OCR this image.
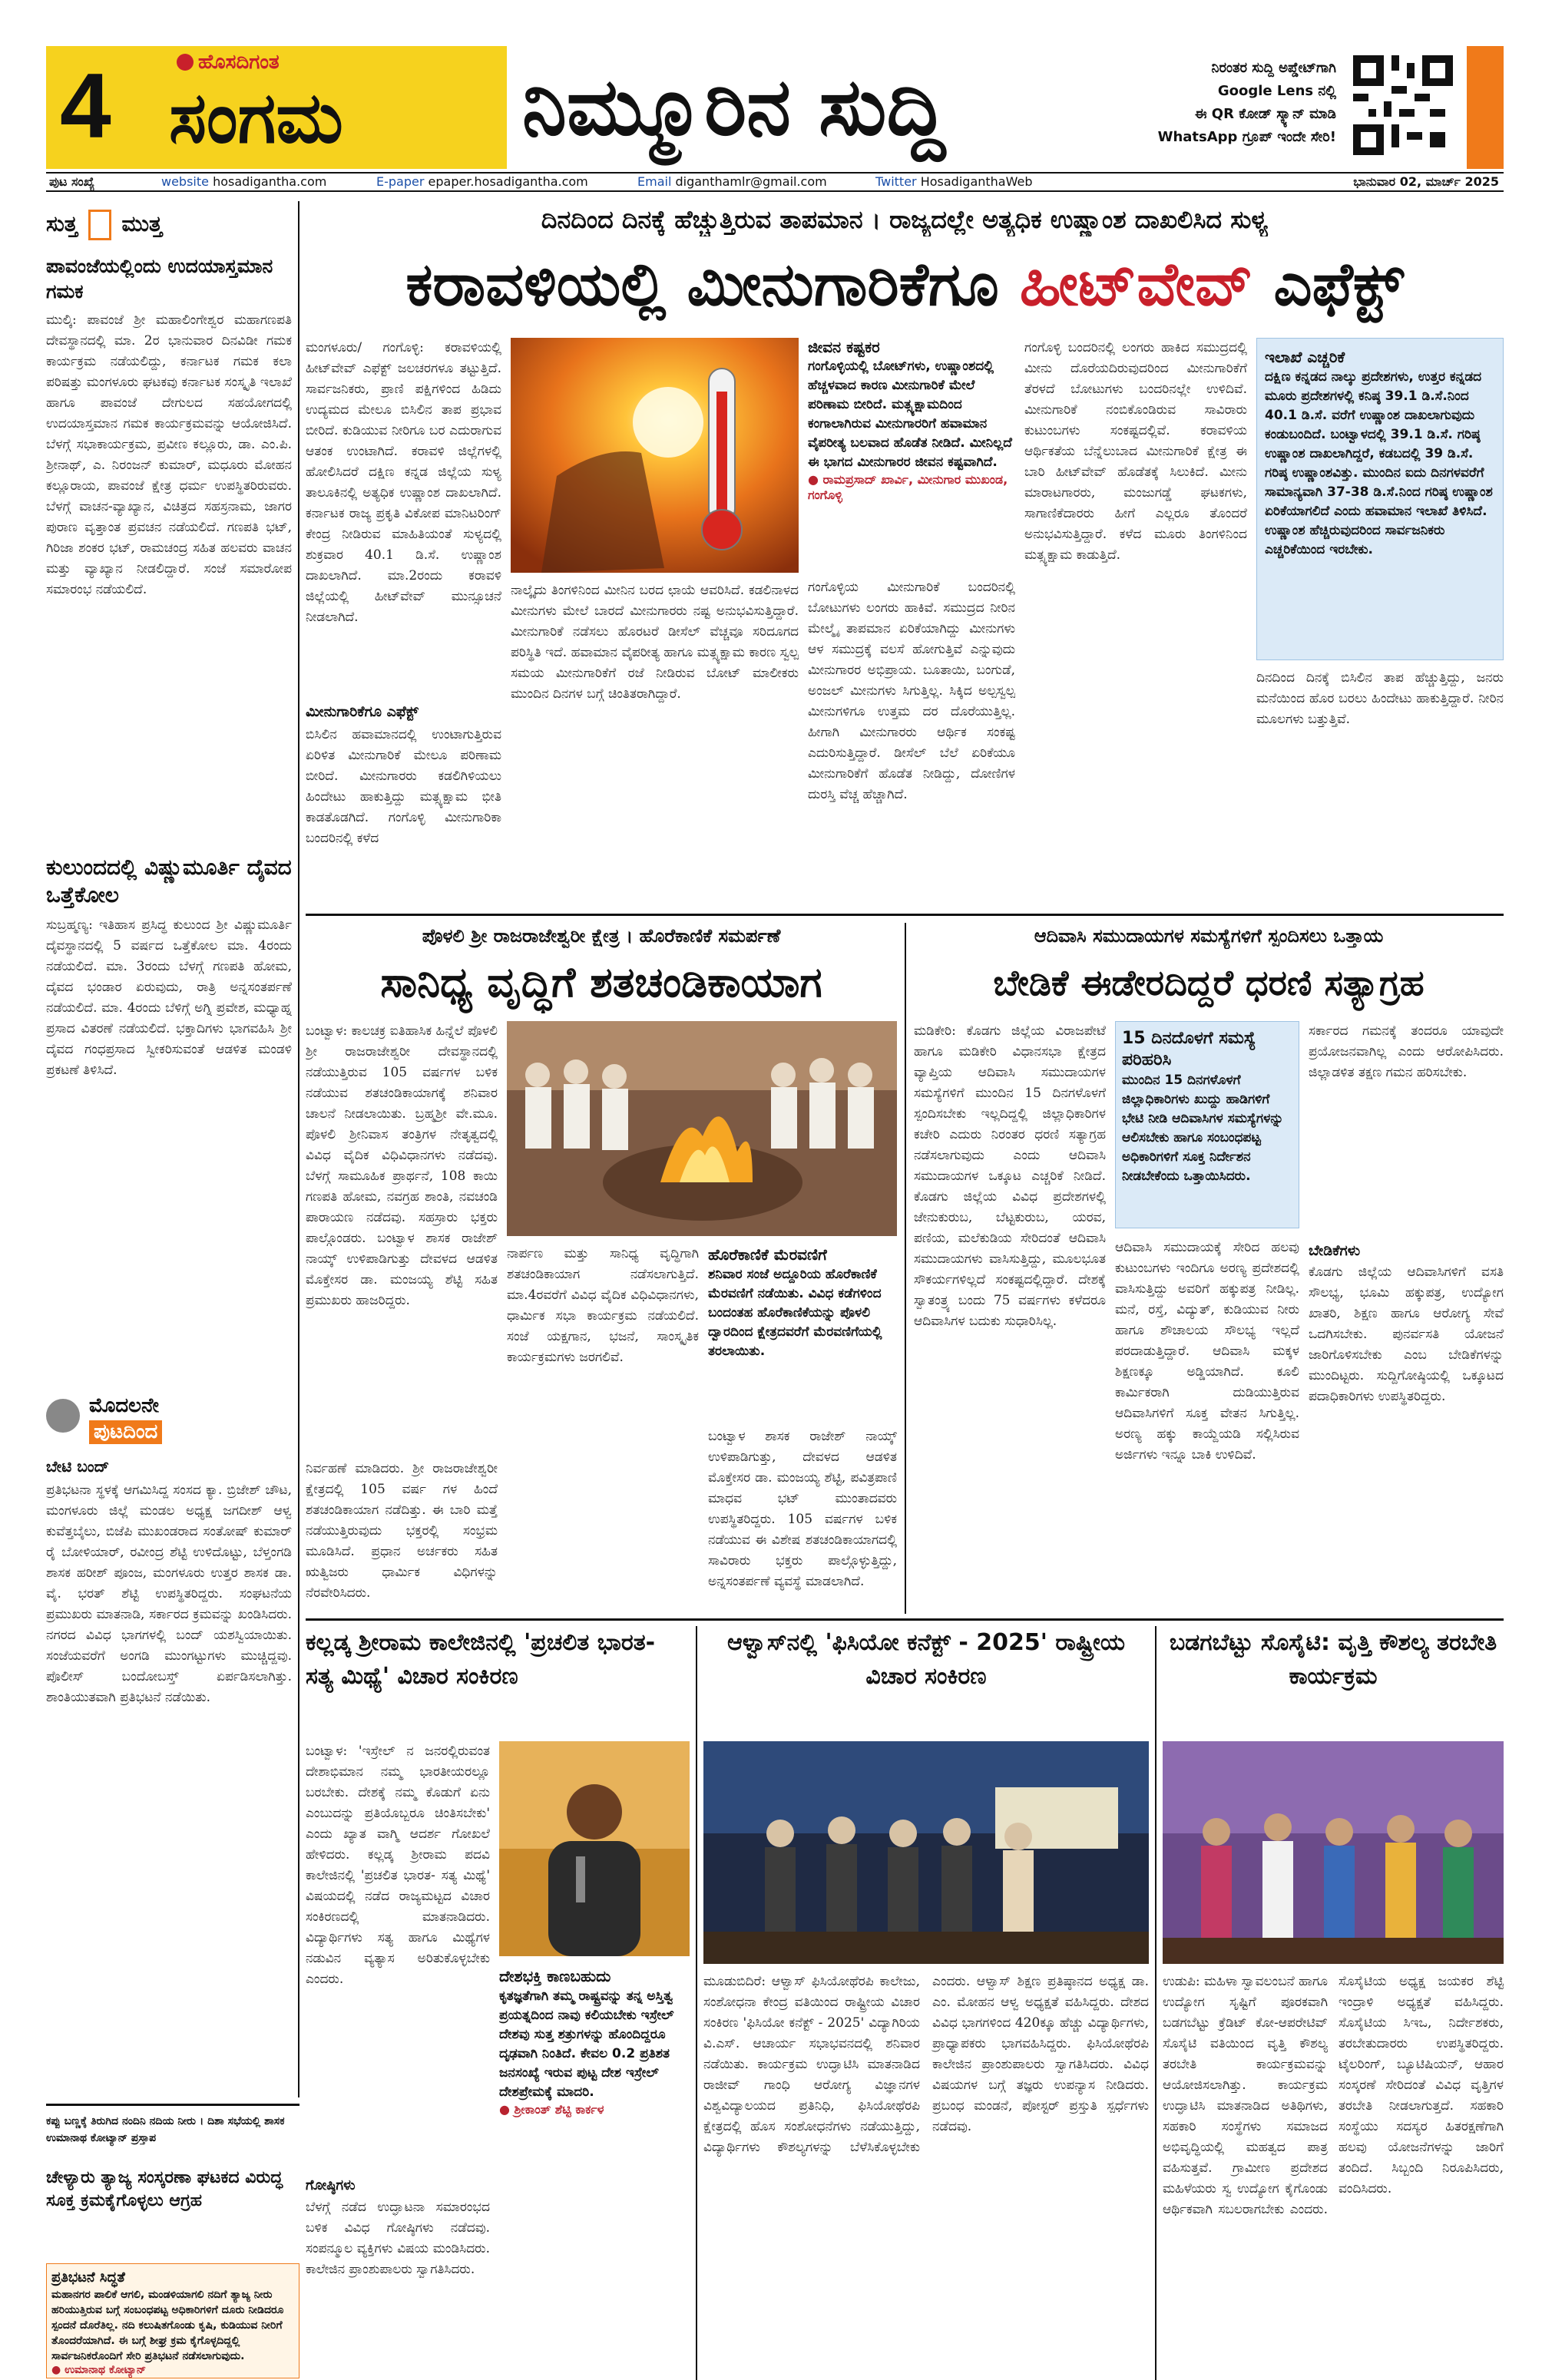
4	ಹೊಸದಿಗಂತ
ಸಂಗಮ ನಿಮ್ಮೂರಿನ ಸುದ್ದಿ	ನಿರಂತರ ಸುದ್ದಿ ಅಪ್ಡೇಟ್‌ಗಾಗಿ
Google Lens ನಲ್ಲಿ
ಈ QR ಕೋಡ್ ಸ್ಕ್ಯಾನ್ ಮಾಡಿ
WhatsApp ಗ್ರೂಪ್ ಇಂದೇ ಸೇರಿ!
ಪುಟ ಸಂಖ್ಯೆ	website hosadigantha.com	E-paper epaper.hosadigantha.com	Email diganthamlr@gmail.com	Twitter HosadiganthaWeb	ಭಾನುವಾರ 02, ಮಾರ್ಚ್ 2025
ಸುತ್ತ ಮುತ್ತ
ಪಾವಂಜೆಯಲ್ಲಿಂದು ಉದಯಾಸ್ತಮಾನ ಗಮಕ
ಮುಲ್ಕಿ: ಪಾವಂಜೆ ಶ್ರೀ ಮಹಾಲಿಂಗೇಶ್ವರ ಮಹಾಗಣಪತಿ ದೇವಸ್ಥಾನದಲ್ಲಿ ಮಾ. 2ರ ಭಾನುವಾರ ದಿನವಿಡೀ ಗಮಕ ಕಾರ್ಯಕ್ರಮ ನಡೆಯಲಿದ್ದು, ಕರ್ನಾಟಕ ಗಮಕ ಕಲಾ ಪರಿಷತ್ತು ಮಂಗಳೂರು ಘಟಕವು ಕರ್ನಾಟಕ ಸಂಸ್ಕೃತಿ ಇಲಾಖೆ ಹಾಗೂ ಪಾವಂಜೆ ದೇಗುಲದ ಸಹಯೋಗದಲ್ಲಿ ಉದಯಾಸ್ತಮಾನ ಗಮಕ ಕಾರ್ಯಕ್ರಮವನ್ನು ಆಯೋಜಿಸಿದೆ. ಬೆಳಗ್ಗೆ ಸಭಾಕಾರ್ಯಕ್ರಮ, ಪ್ರವೀಣ ಕಲ್ಲೂರು, ಡಾ. ಎಂ.ಪಿ. ಶ್ರೀನಾಥ್, ಎ. ನಿರಂಜನ್ ಕುಮಾರ್, ಮಧೂರು ಮೋಹನ ಕಲ್ಲೂರಾಯ, ಪಾವಂಜೆ ಕ್ಷೇತ್ರ ಧರ್ಮ ಉಪಸ್ಥಿತರಿರುವರು. ಬೆಳಗ್ಗೆ ವಾಚನ-ವ್ಯಾಖ್ಯಾನ, ವಿಚಿತ್ರದ ಸಹಸ್ರನಾಮ, ಜಾಗರ ಪುರಾಣ ವೃತ್ತಾಂತ ಪ್ರವಚನ ನಡೆಯಲಿದೆ. ಗಣಪತಿ ಭಟ್, ಗಿರಿಜಾ ಶಂಕರ ಭಟ್, ರಾಮಚಂದ್ರ ಸಹಿತ ಹಲವರು ವಾಚನ ಮತ್ತು ವ್ಯಾಖ್ಯಾನ ನೀಡಲಿದ್ದಾರೆ. ಸಂಜೆ ಸಮಾರೋಪ ಸಮಾರಂಭ ನಡೆಯಲಿದೆ.
ಕುಲುಂದದಲ್ಲಿ ವಿಷ್ಣುಮೂರ್ತಿ ದೈವದ ಒತ್ತೆಕೋಲ
ಸುಬ್ರಹ್ಮಣ್ಯ: ಇತಿಹಾಸ ಪ್ರಸಿದ್ಧ ಕುಲುಂದ ಶ್ರೀ ವಿಷ್ಣುಮೂರ್ತಿ ದೈವಸ್ಥಾನದಲ್ಲಿ 5 ವರ್ಷದ ಒತ್ತೆಕೋಲ ಮಾ. 4ರಂದು ನಡೆಯಲಿದೆ. ಮಾ. 3ರಂದು ಬೆಳಗ್ಗೆ ಗಣಪತಿ ಹೋಮ, ದೈವದ ಭಂಡಾರ ಏರುವುದು, ರಾತ್ರಿ ಅನ್ನಸಂತರ್ಪಣೆ ನಡೆಯಲಿದೆ. ಮಾ. 4ರಂದು ಬೆಳಿಗ್ಗೆ ಅಗ್ನಿ ಪ್ರವೇಶ, ಮಧ್ಯಾಹ್ನ ಪ್ರಸಾದ ವಿತರಣೆ ನಡೆಯಲಿದೆ. ಭಕ್ತಾದಿಗಳು ಭಾಗವಹಿಸಿ ಶ್ರೀ ದೈವದ ಗಂಧಪ್ರಸಾದ ಸ್ವೀಕರಿಸುವಂತೆ ಆಡಳಿತ ಮಂಡಳಿ ಪ್ರಕಟಣೆ ತಿಳಿಸಿದೆ.
ಮೊದಲನೇ
ಪುಟದಿಂದ
ಬೇಟಿ ಬಂದ್
ಪ್ರತಿಭಟನಾ ಸ್ಥಳಕ್ಕೆ ಆಗಮಿಸಿದ್ದ ಸಂಸದ ಕ್ಯಾ. ಬ್ರಿಜೇಶ್ ಚೌಟ, ಮಂಗಳೂರು ಜಿಲ್ಲೆ ಮಂಡಲ ಅಧ್ಯಕ್ಷ ಜಗದೀಶ್ ಆಳ್ವ ಕುವೆತ್ತಬೈಲು, ಬಿಜೆಪಿ ಮುಖಂಡರಾದ ಸಂತೋಷ್ ಕುಮಾರ್ ರೈ ಬೋಳಿಯಾರ್, ರವೀಂದ್ರ ಶೆಟ್ಟಿ ಉಳಿದೊಟ್ಟು, ಬೆಳ್ತಂಗಡಿ ಶಾಸಕ ಹರೀಶ್ ಪೂಂಜ, ಮಂಗಳೂರು ಉತ್ತರ ಶಾಸಕ ಡಾ. ವೈ. ಭರತ್ ಶೆಟ್ಟಿ ಉಪಸ್ಥಿತರಿದ್ದರು. ಸಂಘಟನೆಯ ಪ್ರಮುಖರು ಮಾತನಾಡಿ, ಸರ್ಕಾರದ ಕ್ರಮವನ್ನು ಖಂಡಿಸಿದರು. ನಗರದ ವಿವಿಧ ಭಾಗಗಳಲ್ಲಿ ಬಂದ್ ಯಶಸ್ವಿಯಾಯಿತು. ಸಂಜೆಯವರೆಗೆ ಅಂಗಡಿ ಮುಂಗಟ್ಟುಗಳು ಮುಚ್ಚಿದ್ದವು. ಪೊಲೀಸ್ ಬಂದೋಬಸ್ತ್ ಏರ್ಪಡಿಸಲಾಗಿತ್ತು. ಶಾಂತಿಯುತವಾಗಿ ಪ್ರತಿಭಟನೆ ನಡೆಯಿತು.
ದಿನದಿಂದ ದಿನಕ್ಕೆ ಹೆಚ್ಚುತ್ತಿರುವ ತಾಪಮಾನ । ರಾಜ್ಯದಲ್ಲೇ ಅತ್ಯಧಿಕ ಉಷ್ಣಾಂಶ ದಾಖಲಿಸಿದ ಸುಳ್ಯ
ಕರಾವಳಿಯಲ್ಲಿ ಮೀನುಗಾರಿಕೆಗೂ ಹೀಟ್‌ವೇವ್ ಎಫೆಕ್ಟ್
ಮಂಗಳೂರು/ ಗಂಗೊಳ್ಳಿ: ಕರಾವಳಿಯಲ್ಲಿ ಹೀಟ್‌ವೇವ್ ಎಫೆಕ್ಟ್ ಜಲಚರಗಳೂ ತಟ್ಟುತ್ತಿದೆ. ಸಾರ್ವಜನಿಕರು, ಪ್ರಾಣಿ ಪಕ್ಷಿಗಳಿಂದ ಹಿಡಿದು ಉದ್ಯಮದ ಮೇಲೂ ಬಿಸಿಲಿನ ತಾಪ ಪ್ರಭಾವ ಬೀರಿದೆ. ಕುಡಿಯುವ ನೀರಿಗೂ ಬರ ಎದುರಾಗುವ ಆತಂಕ ಉಂಟಾಗಿದೆ. ಕರಾವಳಿ ಜಿಲ್ಲೆಗಳಲ್ಲಿ ಹೋಲಿಸಿದರೆ ದಕ್ಷಿಣ ಕನ್ನಡ ಜಿಲ್ಲೆಯ ಸುಳ್ಯ ತಾಲೂಕಿನಲ್ಲಿ ಅತ್ಯಧಿಕ ಉಷ್ಣಾಂಶ ದಾಖಲಾಗಿದೆ. ಕರ್ನಾಟಕ ರಾಜ್ಯ ಪ್ರಕೃತಿ ವಿಕೋಪ ಮಾನಿಟರಿಂಗ್ ಕೇಂದ್ರ ನೀಡಿರುವ ಮಾಹಿತಿಯಂತೆ ಸುಳ್ಯದಲ್ಲಿ ಶುಕ್ರವಾರ 40.1 ಡಿ.ಸೆ. ಉಷ್ಣಾಂಶ ದಾಖಲಾಗಿದೆ. ಮಾ.2ರಂದು ಕರಾವಳಿ ಜಿಲ್ಲೆಯಲ್ಲಿ ಹೀಟ್‌ವೇವ್ ಮುನ್ಸೂಚನೆ ನೀಡಲಾಗಿದೆ.
ಮೀನುಗಾರಿಕೆಗೂ ಎಫೆಕ್ಟ್
ಬಿಸಿಲಿನ ಹವಾಮಾನದಲ್ಲಿ ಉಂಟಾಗುತ್ತಿರುವ ಏರಿಳಿತ ಮೀನುಗಾರಿಕೆ ಮೇಲೂ ಪರಿಣಾಮ ಬೀರಿದೆ. ಮೀನುಗಾರರು ಕಡಲಿಗಿಳಿಯಲು ಹಿಂದೇಟು ಹಾಕುತ್ತಿದ್ದು ಮತ್ಸ್ಯಕ್ಷಾಮ ಭೀತಿ ಕಾಡತೊಡಗಿದೆ. ಗಂಗೊಳ್ಳಿ ಮೀನುಗಾರಿಕಾ ಬಂದರಿನಲ್ಲಿ ಕಳೆದ
ನಾಲ್ಕೈದು ತಿಂಗಳಿನಿಂದ ಮೀನಿನ ಬರದ ಛಾಯೆ ಆವರಿಸಿದೆ. ಕಡಲಿನಾಳದ ಮೀನುಗಳು ಮೇಲೆ ಬಾರದೆ ಮೀನುಗಾರರು ನಷ್ಟ ಅನುಭವಿಸುತ್ತಿದ್ದಾರೆ. ಮೀನುಗಾರಿಕೆ ನಡೆಸಲು ಹೊರಟರೆ ಡೀಸೆಲ್ ವೆಚ್ಚವೂ ಸರಿದೂಗದ ಪರಿಸ್ಥಿತಿ ಇದೆ. ಹವಾಮಾನ ವೈಪರೀತ್ಯ ಹಾಗೂ ಮತ್ಸ್ಯಕ್ಷಾಮ ಕಾರಣ ಸ್ವಲ್ಪ ಸಮಯ ಮೀನುಗಾರಿಕೆಗೆ ರಜೆ ನೀಡಿರುವ ಬೋಟ್ ಮಾಲೀಕರು ಮುಂದಿನ ದಿನಗಳ ಬಗ್ಗೆ ಚಿಂತಿತರಾಗಿದ್ದಾರೆ.
ಜೀವನ ಕಷ್ಟಕರ
ಗಂಗೊಳ್ಳಿಯಲ್ಲಿ ಬೋಟ್‌ಗಳು, ಉಷ್ಣಾಂಶದಲ್ಲಿ ಹೆಚ್ಚಳವಾದ ಕಾರಣ ಮೀನುಗಾರಿಕೆ ಮೇಲೆ ಪರಿಣಾಮ ಬೀರಿದೆ. ಮತ್ಸ್ಯಕ್ಷಾಮದಿಂದ ಕಂಗಾಲಾಗಿರುವ ಮೀನುಗಾರರಿಗೆ ಹವಾಮಾನ ವೈಪರೀತ್ಯ ಬಲವಾದ ಹೊಡೆತ ನೀಡಿದೆ. ಮೀನಿಲ್ಲದೆ ಈ ಭಾಗದ ಮೀನುಗಾರರ ಜೀವನ ಕಷ್ಟವಾಗಿದೆ.
● ರಾಮಪ್ರಸಾದ್ ಖಾರ್ವಿ, ಮೀನುಗಾರ ಮುಖಂಡ, ಗಂಗೊಳ್ಳಿ
ಗಂಗೊಳ್ಳಿಯ ಮೀನುಗಾರಿಕೆ ಬಂದರಿನಲ್ಲಿ ಬೋಟುಗಳು ಲಂಗರು ಹಾಕಿವೆ. ಸಮುದ್ರದ ನೀರಿನ ಮೇಲ್ಮೈ ತಾಪಮಾನ ಏರಿಕೆಯಾಗಿದ್ದು ಮೀನುಗಳು ಆಳ ಸಮುದ್ರಕ್ಕೆ ವಲಸೆ ಹೋಗುತ್ತಿವೆ ಎನ್ನುವುದು ಮೀನುಗಾರರ ಅಭಿಪ್ರಾಯ. ಬೂತಾಯಿ, ಬಂಗುಡೆ, ಅಂಜಲ್ ಮೀನುಗಳು ಸಿಗುತ್ತಿಲ್ಲ. ಸಿಕ್ಕಿದ ಅಲ್ಪಸ್ವಲ್ಪ ಮೀನುಗಳಿಗೂ ಉತ್ತಮ ದರ ದೊರೆಯುತ್ತಿಲ್ಲ. ಹೀಗಾಗಿ ಮೀನುಗಾರರು ಆರ್ಥಿಕ ಸಂಕಷ್ಟ ಎದುರಿಸುತ್ತಿದ್ದಾರೆ. ಡೀಸೆಲ್ ಬೆಲೆ ಏರಿಕೆಯೂ ಮೀನುಗಾರಿಕೆಗೆ ಹೊಡೆತ ನೀಡಿದ್ದು, ದೋಣಿಗಳ ದುರಸ್ತಿ ವೆಚ್ಚ ಹೆಚ್ಚಾಗಿದೆ.
ಗಂಗೊಳ್ಳಿ ಬಂದರಿನಲ್ಲಿ ಲಂಗರು ಹಾಕಿದ ಸಮುದ್ರದಲ್ಲಿ ಮೀನು ದೊರೆಯದಿರುವುದರಿಂದ ಮೀನುಗಾರಿಕೆಗೆ ತೆರಳದೆ ಬೋಟುಗಳು ಬಂದರಿನಲ್ಲೇ ಉಳಿದಿವೆ. ಮೀನುಗಾರಿಕೆ ನಂಬಿಕೊಂಡಿರುವ ಸಾವಿರಾರು ಕುಟುಂಬಗಳು ಸಂಕಷ್ಟದಲ್ಲಿವೆ. ಕರಾವಳಿಯ ಆರ್ಥಿಕತೆಯ ಬೆನ್ನೆಲುಬಾದ ಮೀನುಗಾರಿಕೆ ಕ್ಷೇತ್ರ ಈ ಬಾರಿ ಹೀಟ್‌ವೇವ್ ಹೊಡೆತಕ್ಕೆ ಸಿಲುಕಿದೆ. ಮೀನು ಮಾರಾಟಗಾರರು, ಮಂಜುಗಡ್ಡೆ ಘಟಕಗಳು, ಸಾಗಾಣಿಕೆದಾರರು ಹೀಗೆ ಎಲ್ಲರೂ ತೊಂದರೆ ಅನುಭವಿಸುತ್ತಿದ್ದಾರೆ. ಕಳೆದ ಮೂರು ತಿಂಗಳಿನಿಂದ ಮತ್ಸ್ಯಕ್ಷಾಮ ಕಾಡುತ್ತಿದೆ.
ಇಲಾಖೆ ಎಚ್ಚರಿಕೆ
ದಕ್ಷಿಣ ಕನ್ನಡದ ನಾಲ್ಕು ಪ್ರದೇಶಗಳು, ಉತ್ತರ ಕನ್ನಡದ ಮೂರು ಪ್ರದೇಶಗಳಲ್ಲಿ ಕನಿಷ್ಠ 39.1 ಡಿ.ಸೆ.ನಿಂದ 40.1 ಡಿ.ಸೆ. ವರೆಗೆ ಉಷ್ಣಾಂಶ ದಾಖಲಾಗುವುದು ಕಂಡುಬಂದಿದೆ. ಬಂಟ್ವಾಳದಲ್ಲಿ 39.1 ಡಿ.ಸೆ. ಗರಿಷ್ಠ ಉಷ್ಣಾಂಶ ದಾಖಲಾಗಿದ್ದರೆ, ಕಡಬದಲ್ಲಿ 39 ಡಿ.ಸೆ. ಗರಿಷ್ಠ ಉಷ್ಣಾಂಶವಿತ್ತು. ಮುಂದಿನ ಐದು ದಿನಗಳವರೆಗೆ ಸಾಮಾನ್ಯವಾಗಿ 37-38 ಡಿ.ಸೆ.ನಿಂದ ಗರಿಷ್ಠ ಉಷ್ಣಾಂಶ ಏರಿಕೆಯಾಗಲಿದೆ ಎಂದು ಹವಾಮಾನ ಇಲಾಖೆ ತಿಳಿಸಿದೆ. ಉಷ್ಣಾಂಶ ಹೆಚ್ಚಿರುವುದರಿಂದ ಸಾರ್ವಜನಿಕರು ಎಚ್ಚರಿಕೆಯಿಂದ ಇರಬೇಕು.
ದಿನದಿಂದ ದಿನಕ್ಕೆ ಬಿಸಿಲಿನ ತಾಪ ಹೆಚ್ಚುತ್ತಿದ್ದು, ಜನರು ಮನೆಯಿಂದ ಹೊರ ಬರಲು ಹಿಂದೇಟು ಹಾಕುತ್ತಿದ್ದಾರೆ. ನೀರಿನ ಮೂಲಗಳು ಬತ್ತುತ್ತಿವೆ.
ಪೊಳಲಿ ಶ್ರೀ ರಾಜರಾಜೇಶ್ವರೀ ಕ್ಷೇತ್ರ । ಹೊರೆಕಾಣಿಕೆ ಸಮರ್ಪಣೆ
ಸಾನಿಧ್ಯ ವೃದ್ಧಿಗೆ ಶತಚಂಡಿಕಾಯಾಗ
ಬಂಟ್ವಾಳ: ಕಾಲಚಕ್ರ ಐತಿಹಾಸಿಕ ಹಿನ್ನೆಲೆ ಪೊಳಲಿ ಶ್ರೀ ರಾಜರಾಜೇಶ್ವರೀ ದೇವಸ್ಥಾನದಲ್ಲಿ ನಡೆಯುತ್ತಿರುವ 105 ವರ್ಷಗಳ ಬಳಿಕ ನಡೆಯುವ ಶತಚಂಡಿಕಾಯಾಗಕ್ಕೆ ಶನಿವಾರ ಚಾಲನೆ ನೀಡಲಾಯಿತು. ಬ್ರಹ್ಮಶ್ರೀ ವೇ.ಮೂ. ಪೊಳಲಿ ಶ್ರೀನಿವಾಸ ತಂತ್ರಿಗಳ ನೇತೃತ್ವದಲ್ಲಿ ವಿವಿಧ ವೈದಿಕ ವಿಧಿವಿಧಾನಗಳು ನಡೆದವು. ಬೆಳಗ್ಗೆ ಸಾಮೂಹಿಕ ಪ್ರಾರ್ಥನೆ, 108 ಕಾಯಿ ಗಣಪತಿ ಹೋಮ, ನವಗ್ರಹ ಶಾಂತಿ, ನವಚಂಡಿ ಪಾರಾಯಣ ನಡೆದವು. ಸಹಸ್ರಾರು ಭಕ್ತರು ಪಾಲ್ಗೊಂಡರು. ಬಂಟ್ವಾಳ ಶಾಸಕ ರಾಜೇಶ್ ನಾಯ್ಕ್ ಉಳಿಪಾಡಿಗುತ್ತು ದೇವಳದ ಆಡಳಿತ ಮೊಕ್ತೇಸರ ಡಾ. ಮಂಜಯ್ಯ ಶೆಟ್ಟಿ ಸಹಿತ ಪ್ರಮುಖರು ಹಾಜರಿದ್ದರು.
ನಿರ್ವಹಣೆ ಮಾಡಿದರು. ಶ್ರೀ ರಾಜರಾಜೇಶ್ವರೀ ಕ್ಷೇತ್ರದಲ್ಲಿ 105 ವರ್ಷ ಗಳ ಹಿಂದೆ ಶತಚಂಡಿಕಾಯಾಗ ನಡೆದಿತ್ತು. ಈ ಬಾರಿ ಮತ್ತೆ ನಡೆಯುತ್ತಿರುವುದು ಭಕ್ತರಲ್ಲಿ ಸಂಭ್ರಮ ಮೂಡಿಸಿದೆ. ಪ್ರಧಾನ ಅರ್ಚಕರು ಸಹಿತ ಋತ್ವಿಜರು ಧಾರ್ಮಿಕ ವಿಧಿಗಳನ್ನು ನೆರವೇರಿಸಿದರು.
ನಾರ್ಪಣ ಮತ್ತು ಸಾನಿಧ್ಯ ವೃದ್ಧಿಗಾಗಿ ಶತಚಂಡಿಕಾಯಾಗ ನಡೆಸಲಾಗುತ್ತಿದೆ. ಮಾ.4ರವರೆಗೆ ವಿವಿಧ ವೈದಿಕ ವಿಧಿವಿಧಾನಗಳು, ಧಾರ್ಮಿಕ ಸಭಾ ಕಾರ್ಯಕ್ರಮ ನಡೆಯಲಿದೆ. ಸಂಜೆ ಯಕ್ಷಗಾನ, ಭಜನೆ, ಸಾಂಸ್ಕೃತಿಕ ಕಾರ್ಯಕ್ರಮಗಳು ಜರಗಲಿವೆ.
ಹೊರೆಕಾಣಿಕೆ ಮೆರವಣಿಗೆ
ಶನಿವಾರ ಸಂಜೆ ಅದ್ದೂರಿಯ ಹೊರೆಕಾಣಿಕೆ ಮೆರವಣಿಗೆ ನಡೆಯಿತು. ವಿವಿಧ ಕಡೆಗಳಿಂದ ಬಂದಂತಹ ಹೊರೆಕಾಣಿಕೆಯನ್ನು ಪೊಳಲಿ ದ್ವಾರದಿಂದ ಕ್ಷೇತ್ರದವರೆಗೆ ಮೆರವಣಿಗೆಯಲ್ಲಿ ತರಲಾಯಿತು.
ಬಂಟ್ವಾಳ ಶಾಸಕ ರಾಜೇಶ್ ನಾಯ್ಕ್ ಉಳಿಪಾಡಿಗುತ್ತು, ದೇವಳದ ಆಡಳಿತ ಮೊಕ್ತೇಸರ ಡಾ. ಮಂಜಯ್ಯ ಶೆಟ್ಟಿ, ಪವಿತ್ರಪಾಣಿ ಮಾಧವ ಭಟ್ ಮುಂತಾದವರು ಉಪಸ್ಥಿತರಿದ್ದರು. 105 ವರ್ಷಗಳ ಬಳಿಕ ನಡೆಯುವ ಈ ವಿಶೇಷ ಶತಚಂಡಿಕಾಯಾಗದಲ್ಲಿ ಸಾವಿರಾರು ಭಕ್ತರು ಪಾಲ್ಗೊಳ್ಳುತ್ತಿದ್ದು, ಅನ್ನಸಂತರ್ಪಣೆ ವ್ಯವಸ್ಥೆ ಮಾಡಲಾಗಿದೆ.
ಆದಿವಾಸಿ ಸಮುದಾಯಗಳ ಸಮಸ್ಯೆಗಳಿಗೆ ಸ್ಪಂದಿಸಲು ಒತ್ತಾಯ
ಬೇಡಿಕೆ ಈಡೇರದಿದ್ದರೆ ಧರಣಿ ಸತ್ಯಾಗ್ರಹ
ಮಡಿಕೇರಿ: ಕೊಡಗು ಜಿಲ್ಲೆಯ ವಿರಾಜಪೇಟೆ ಹಾಗೂ ಮಡಿಕೇರಿ ವಿಧಾನಸಭಾ ಕ್ಷೇತ್ರದ ವ್ಯಾಪ್ತಿಯ ಆದಿವಾಸಿ ಸಮುದಾಯಗಳ ಸಮಸ್ಯೆಗಳಿಗೆ ಮುಂದಿನ 15 ದಿನಗಳೊಳಗೆ ಸ್ಪಂದಿಸಬೇಕು ಇಲ್ಲದಿದ್ದಲ್ಲಿ ಜಿಲ್ಲಾಧಿಕಾರಿಗಳ ಕಚೇರಿ ಎದುರು ನಿರಂತರ ಧರಣಿ ಸತ್ಯಾಗ್ರಹ ನಡೆಸಲಾಗುವುದು ಎಂದು ಆದಿವಾಸಿ ಸಮುದಾಯಗಳ ಒಕ್ಕೂಟ ಎಚ್ಚರಿಕೆ ನೀಡಿದೆ. ಕೊಡಗು ಜಿಲ್ಲೆಯ ವಿವಿಧ ಪ್ರದೇಶಗಳಲ್ಲಿ ಜೇನುಕುರುಬ, ಬೆಟ್ಟಕುರುಬ, ಯರವ, ಪಣಿಯ, ಮಲೆಕುಡಿಯ ಸೇರಿದಂತೆ ಆದಿವಾಸಿ ಸಮುದಾಯಗಳು ವಾಸಿಸುತ್ತಿದ್ದು, ಮೂಲಭೂತ ಸೌಕರ್ಯಗಳಿಲ್ಲದೆ ಸಂಕಷ್ಟದಲ್ಲಿದ್ದಾರೆ. ದೇಶಕ್ಕೆ ಸ್ವಾತಂತ್ರ್ಯ ಬಂದು 75 ವರ್ಷಗಳು ಕಳೆದರೂ ಆದಿವಾಸಿಗಳ ಬದುಕು ಸುಧಾರಿಸಿಲ್ಲ.
15 ದಿನದೊಳಗೆ ಸಮಸ್ಯೆ ಪರಿಹರಿಸಿ
ಮುಂದಿನ 15 ದಿನಗಳೊಳಗೆ ಜಿಲ್ಲಾಧಿಕಾರಿಗಳು ಖುದ್ದು ಹಾಡಿಗಳಿಗೆ ಭೇಟಿ ನೀಡಿ ಆದಿವಾಸಿಗಳ ಸಮಸ್ಯೆಗಳನ್ನು ಆಲಿಸಬೇಕು ಹಾಗೂ ಸಂಬಂಧಪಟ್ಟ ಅಧಿಕಾರಿಗಳಿಗೆ ಸೂಕ್ತ ನಿರ್ದೇಶನ ನೀಡಬೇಕೆಂದು ಒತ್ತಾಯಿಸಿದರು.
ಆದಿವಾಸಿ ಸಮುದಾಯಕ್ಕೆ ಸೇರಿದ ಹಲವು ಕುಟುಂಬಗಳು ಇಂದಿಗೂ ಅರಣ್ಯ ಪ್ರದೇಶದಲ್ಲಿ ವಾಸಿಸುತ್ತಿದ್ದು ಅವರಿಗೆ ಹಕ್ಕುಪತ್ರ ನೀಡಿಲ್ಲ. ಮನೆ, ರಸ್ತೆ, ವಿದ್ಯುತ್, ಕುಡಿಯುವ ನೀರು ಹಾಗೂ ಶೌಚಾಲಯ ಸೌಲಭ್ಯ ಇಲ್ಲದೆ ಪರದಾಡುತ್ತಿದ್ದಾರೆ. ಆದಿವಾಸಿ ಮಕ್ಕಳ ಶಿಕ್ಷಣಕ್ಕೂ ಅಡ್ಡಿಯಾಗಿದೆ. ಕೂಲಿ ಕಾರ್ಮಿಕರಾಗಿ ದುಡಿಯುತ್ತಿರುವ ಆದಿವಾಸಿಗಳಿಗೆ ಸೂಕ್ತ ವೇತನ ಸಿಗುತ್ತಿಲ್ಲ. ಅರಣ್ಯ ಹಕ್ಕು ಕಾಯ್ದೆಯಡಿ ಸಲ್ಲಿಸಿರುವ ಅರ್ಜಿಗಳು ಇನ್ನೂ ಬಾಕಿ ಉಳಿದಿವೆ.
ಸರ್ಕಾರದ ಗಮನಕ್ಕೆ ತಂದರೂ ಯಾವುದೇ ಪ್ರಯೋಜನವಾಗಿಲ್ಲ ಎಂದು ಆರೋಪಿಸಿದರು. ಜಿಲ್ಲಾಡಳಿತ ತಕ್ಷಣ ಗಮನ ಹರಿಸಬೇಕು.
ಬೇಡಿಕೆಗಳು
ಕೊಡಗು ಜಿಲ್ಲೆಯ ಆದಿವಾಸಿಗಳಿಗೆ ವಸತಿ ಸೌಲಭ್ಯ, ಭೂಮಿ ಹಕ್ಕುಪತ್ರ, ಉದ್ಯೋಗ ಖಾತರಿ, ಶಿಕ್ಷಣ ಹಾಗೂ ಆರೋಗ್ಯ ಸೇವೆ ಒದಗಿಸಬೇಕು. ಪುನರ್ವಸತಿ ಯೋಜನೆ ಜಾರಿಗೊಳಿಸಬೇಕು ಎಂಬ ಬೇಡಿಕೆಗಳನ್ನು ಮುಂದಿಟ್ಟರು. ಸುದ್ದಿಗೋಷ್ಠಿಯಲ್ಲಿ ಒಕ್ಕೂಟದ ಪದಾಧಿಕಾರಿಗಳು ಉಪಸ್ಥಿತರಿದ್ದರು.
ಕಲ್ಲಡ್ಕ ಶ್ರೀರಾಮ ಕಾಲೇಜಿನಲ್ಲಿ 'ಪ್ರಚಲಿತ ಭಾರತ- ಸತ್ಯ ಮಿಥ್ಯೆ' ವಿಚಾರ ಸಂಕಿರಣ
ಬಂಟ್ವಾಳ: 'ಇಸ್ರೇಲ್ ನ ಜನರಲ್ಲಿರುವಂತ ದೇಶಾಭಿಮಾನ ನಮ್ಮ ಭಾರತೀಯರಲ್ಲೂ ಬರಬೇಕು. ದೇಶಕ್ಕೆ ನಮ್ಮ ಕೊಡುಗೆ ಏನು ಎಂಬುದನ್ನು ಪ್ರತಿಯೊಬ್ಬರೂ ಚಿಂತಿಸಬೇಕು' ಎಂದು ಖ್ಯಾತ ವಾಗ್ಮಿ ಆದರ್ಶ ಗೋಖಲೆ ಹೇಳಿದರು. ಕಲ್ಲಡ್ಕ ಶ್ರೀರಾಮ ಪದವಿ ಕಾಲೇಜಿನಲ್ಲಿ 'ಪ್ರಚಲಿತ ಭಾರತ- ಸತ್ಯ ಮಿಥ್ಯೆ' ವಿಷಯದಲ್ಲಿ ನಡೆದ ರಾಜ್ಯಮಟ್ಟದ ವಿಚಾರ ಸಂಕಿರಣದಲ್ಲಿ ಮಾತನಾಡಿದರು. ವಿದ್ಯಾರ್ಥಿಗಳು ಸತ್ಯ ಹಾಗೂ ಮಿಥ್ಯೆಗಳ ನಡುವಿನ ವ್ಯತ್ಯಾಸ ಅರಿತುಕೊಳ್ಳಬೇಕು ಎಂದರು.
ಗೋಷ್ಠಿಗಳು
ಬೆಳಗ್ಗೆ ನಡೆದ ಉದ್ಘಾಟನಾ ಸಮಾರಂಭದ ಬಳಿಕ ವಿವಿಧ ಗೋಷ್ಠಿಗಳು ನಡೆದವು. ಸಂಪನ್ಮೂಲ ವ್ಯಕ್ತಿಗಳು ವಿಷಯ ಮಂಡಿಸಿದರು. ಕಾಲೇಜಿನ ಪ್ರಾಂಶುಪಾಲರು ಸ್ವಾಗತಿಸಿದರು.
ದೇಶಭಕ್ತಿ ಕಾಣಬಹುದು
ಕೃತಜ್ಞತೆಗಾಗಿ ತಮ್ಮ ರಾಷ್ಟ್ರವನ್ನು ತನ್ನ ಅಸ್ತಿತ್ವ ಪ್ರಯತ್ನದಿಂದ ನಾವು ಕಲಿಯಬೇಕು ಇಸ್ರೇಲ್ ದೇಶವು ಸುತ್ತ ಶತ್ರುಗಳನ್ನು ಹೊಂದಿದ್ದರೂ ದೃಢವಾಗಿ ನಿಂತಿದೆ. ಕೇವಲ 0.2 ಪ್ರತಿಶತ ಜನಸಂಖ್ಯೆ ಇರುವ ಪುಟ್ಟ ದೇಶ ಇಸ್ರೇಲ್ ದೇಶಪ್ರೇಮಕ್ಕೆ ಮಾದರಿ.
● ಶ್ರೀಕಾಂತ್ ಶೆಟ್ಟಿ ಕಾರ್ಕಳ
ಆಳ್ವಾಸ್‌ನಲ್ಲಿ 'ಫಿಸಿಯೋ ಕನೆಕ್ಟ್ - 2025' ರಾಷ್ಟ್ರೀಯ ವಿಚಾರ ಸಂಕಿರಣ
ಮೂಡುಬಿದಿರೆ: ಆಳ್ವಾಸ್ ಫಿಸಿಯೋಥೆರಪಿ ಕಾಲೇಜು, ಸಂಶೋಧನಾ ಕೇಂದ್ರ ವತಿಯಿಂದ ರಾಷ್ಟ್ರೀಯ ವಿಚಾರ ಸಂಕಿರಣ 'ಫಿಸಿಯೋ ಕನೆಕ್ಟ್ - 2025' ವಿದ್ಯಾಗಿರಿಯ ವಿ.ಎಸ್. ಆಚಾರ್ಯ ಸಭಾಭವನದಲ್ಲಿ ಶನಿವಾರ ನಡೆಯಿತು. ಕಾರ್ಯಕ್ರಮ ಉದ್ಘಾಟಿಸಿ ಮಾತನಾಡಿದ ರಾಜೀವ್ ಗಾಂಧಿ ಆರೋಗ್ಯ ವಿಜ್ಞಾನಗಳ ವಿಶ್ವವಿದ್ಯಾಲಯದ ಪ್ರತಿನಿಧಿ, ಫಿಸಿಯೋಥೆರಪಿ ಕ್ಷೇತ್ರದಲ್ಲಿ ಹೊಸ ಸಂಶೋಧನೆಗಳು ನಡೆಯುತ್ತಿದ್ದು, ವಿದ್ಯಾರ್ಥಿಗಳು ಕೌಶಲ್ಯಗಳನ್ನು ಬೆಳೆಸಿಕೊಳ್ಳಬೇಕು ಎಂದರು. ಆಳ್ವಾಸ್ ಶಿಕ್ಷಣ ಪ್ರತಿಷ್ಠಾನದ ಅಧ್ಯಕ್ಷ ಡಾ. ಎಂ. ಮೋಹನ ಆಳ್ವ ಅಧ್ಯಕ್ಷತೆ ವಹಿಸಿದ್ದರು. ದೇಶದ ವಿವಿಧ ಭಾಗಗಳಿಂದ 420ಕ್ಕೂ ಹೆಚ್ಚು ವಿದ್ಯಾರ್ಥಿಗಳು, ಪ್ರಾಧ್ಯಾಪಕರು ಭಾಗವಹಿಸಿದ್ದರು. ಫಿಸಿಯೋಥೆರಪಿ ಕಾಲೇಜಿನ ಪ್ರಾಂಶುಪಾಲರು ಸ್ವಾಗತಿಸಿದರು. ವಿವಿಧ ವಿಷಯಗಳ ಬಗ್ಗೆ ತಜ್ಞರು ಉಪನ್ಯಾಸ ನೀಡಿದರು. ಪ್ರಬಂಧ ಮಂಡನೆ, ಪೋಸ್ಟರ್ ಪ್ರಸ್ತುತಿ ಸ್ಪರ್ಧೆಗಳು ನಡೆದವು.
ಬಡಗಬೆಟ್ಟು ಸೊಸೈಟಿ: ವೃತ್ತಿ ಕೌಶಲ್ಯ ತರಬೇತಿ ಕಾರ್ಯಕ್ರಮ
ಉಡುಪಿ: ಮಹಿಳಾ ಸ್ವಾವಲಂಬನೆ ಹಾಗೂ ಉದ್ಯೋಗ ಸೃಷ್ಟಿಗೆ ಪೂರಕವಾಗಿ ಬಡಗಬೆಟ್ಟು ಕ್ರೆಡಿಟ್ ಕೋ-ಆಪರೇಟಿವ್ ಸೊಸೈಟಿ ವತಿಯಿಂದ ವೃತ್ತಿ ಕೌಶಲ್ಯ ತರಬೇತಿ ಕಾರ್ಯಕ್ರಮವನ್ನು ಆಯೋಜಿಸಲಾಗಿತ್ತು. ಕಾರ್ಯಕ್ರಮ ಉದ್ಘಾಟಿಸಿ ಮಾತನಾಡಿದ ಅತಿಥಿಗಳು, ಸಹಕಾರಿ ಸಂಸ್ಥೆಗಳು ಸಮಾಜದ ಅಭಿವೃದ್ಧಿಯಲ್ಲಿ ಮಹತ್ವದ ಪಾತ್ರ ವಹಿಸುತ್ತವೆ. ಗ್ರಾಮೀಣ ಪ್ರದೇಶದ ಮಹಿಳೆಯರು ಸ್ವ ಉದ್ಯೋಗ ಕೈಗೊಂಡು ಆರ್ಥಿಕವಾಗಿ ಸಬಲರಾಗಬೇಕು ಎಂದರು. ಸೊಸೈಟಿಯ ಅಧ್ಯಕ್ಷ ಜಯಕರ ಶೆಟ್ಟಿ ಇಂದ್ರಾಳಿ ಅಧ್ಯಕ್ಷತೆ ವಹಿಸಿದ್ದರು. ಸೊಸೈಟಿಯ ಸಿಇಒ, ನಿರ್ದೇಶಕರು, ತರಬೇತುದಾರರು ಉಪಸ್ಥಿತರಿದ್ದರು. ಟೈಲರಿಂಗ್, ಬ್ಯೂಟಿಷಿಯನ್, ಆಹಾರ ಸಂಸ್ಕರಣೆ ಸೇರಿದಂತೆ ವಿವಿಧ ವೃತ್ತಿಗಳ ತರಬೇತಿ ನೀಡಲಾಗುತ್ತದೆ. ಸಹಕಾರಿ ಸಂಸ್ಥೆಯು ಸದಸ್ಯರ ಹಿತರಕ್ಷಣೆಗಾಗಿ ಹಲವು ಯೋಜನೆಗಳನ್ನು ಜಾರಿಗೆ ತಂದಿದೆ. ಸಿಬ್ಬಂದಿ ನಿರೂಪಿಸಿದರು, ವಂದಿಸಿದರು.
ಕಪ್ಪು ಬಣ್ಣಕ್ಕೆ ತಿರುಗಿದ ನಂದಿನಿ ನದಿಯ ನೀರು । ದಿಶಾ ಸಭೆಯಲ್ಲಿ ಶಾಸಕ ಉಮಾನಾಥ ಕೋಟ್ಯಾನ್ ಪ್ರಸ್ತಾಪ
ಚೇಳ್ಯಾರು ತ್ಯಾಜ್ಯ ಸಂಸ್ಕರಣಾ ಘಟಕದ ವಿರುದ್ಧ ಸೂಕ್ತ ಕ್ರಮಕೈಗೊಳ್ಳಲು ಆಗ್ರಹ
ಪ್ರತಿಭಟನೆ ಸಿದ್ಧತೆ
ಮಹಾನಗರ ಪಾಲಿಕೆ ಆಗಲಿ, ಮಂಡಳಿಯಾಗಲಿ ನದಿಗೆ ತ್ಯಾಜ್ಯ ನೀರು ಹರಿಯುತ್ತಿರುವ ಬಗ್ಗೆ ಸಂಬಂಧಪಟ್ಟ ಅಧಿಕಾರಿಗಳಿಗೆ ದೂರು ನೀಡಿದರೂ ಸ್ಪಂದನೆ ದೊರೆತಿಲ್ಲ. ನದಿ ಕಲುಷಿತಗೊಂಡು ಕೃಷಿ, ಕುಡಿಯುವ ನೀರಿಗೆ ತೊಂದರೆಯಾಗಿದೆ. ಈ ಬಗ್ಗೆ ಶೀಘ್ರ ಕ್ರಮ ಕೈಗೊಳ್ಳದಿದ್ದಲ್ಲಿ ಸಾರ್ವಜನಿಕರೊಂದಿಗೆ ಸೇರಿ ಪ್ರತಿಭಟನೆ ನಡೆಸಲಾಗುವುದು.
● ಉಮಾನಾಥ ಕೋಟ್ಯಾನ್
